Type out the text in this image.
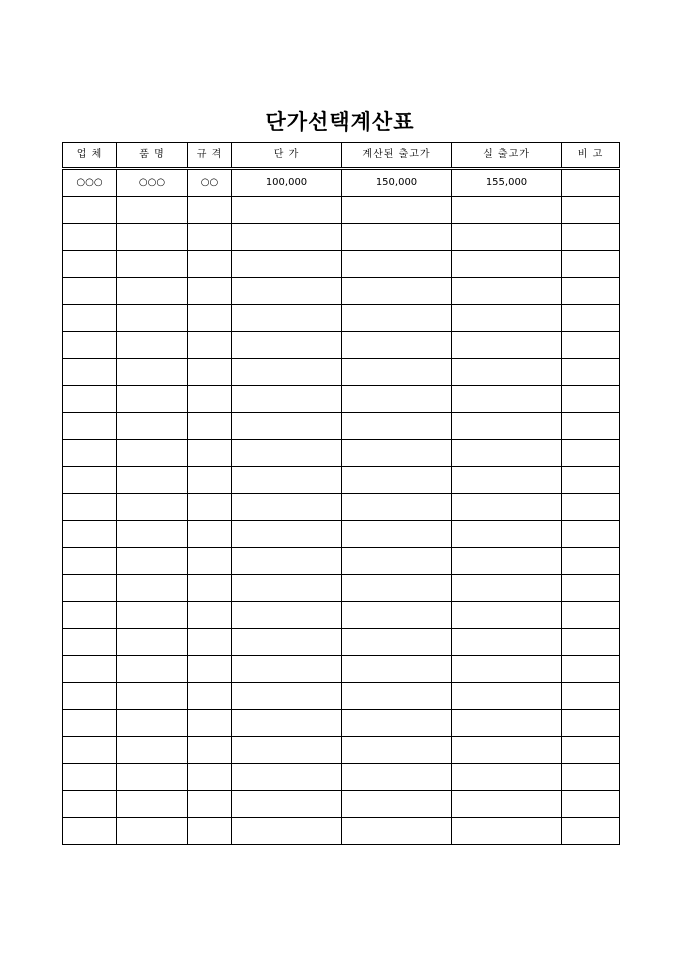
단가선택계산표
업 체	품 명	규 격	단 가	계산된 출고가	실 출고가	비 고
○○○	○○○	○○	100,000	150,000	155,000	
